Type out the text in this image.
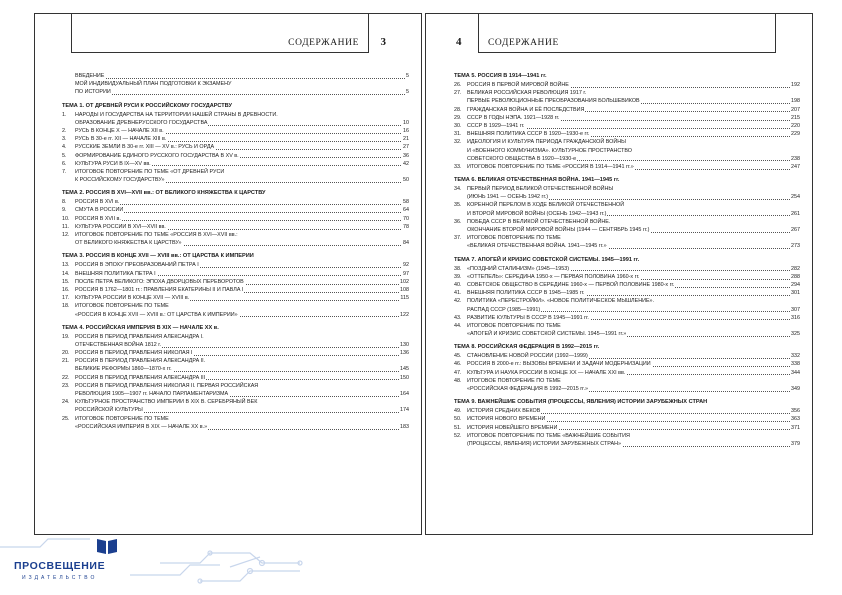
СОДЕРЖАНИЕ 3
ВВЕДЕНИЕ	5
МОЙ ИНДИВИДУАЛЬНЫЙ ПЛАН ПОДГОТОВКИ К ЭКЗАМЕНУ
ПО ИСТОРИИ	5
ТЕМА 1. ОТ ДРЕВНЕЙ РУСИ К РОССИЙСКОМУ ГОСУДАРСТВУ
1. НАРОДЫ И ГОСУДАРСТВА НА ТЕРРИТОРИИ НАШЕЙ СТРАНЫ В ДРЕВНОСТИ.
ОБРАЗОВАНИЕ ДРЕВНЕРУССКОГО ГОСУДАРСТВА	10
2. РУСЬ В КОНЦЕ X — НАЧАЛЕ XII в.	16
3. РУСЬ В 30-е гг. XII — НАЧАЛЕ XIII в.	21
4. РУССКИЕ ЗЕМЛИ В 30-е гг. XIII — XV в.: РУСЬ И ОРДА	27
5. ФОРМИРОВАНИЕ ЕДИНОГО РУССКОГО ГОСУДАРСТВА В XV в.	36
6. КУЛЬТУРА РУСИ В IX—XV вв.	42
7. ИТОГОВОЕ ПОВТОРЕНИЕ ПО ТЕМЕ «ОТ ДРЕВНЕЙ РУСИ
К РОССИЙСКОМУ ГОСУДАРСТВУ»	50
ТЕМА 2. РОССИЯ В XVI—XVII вв.: ОТ ВЕЛИКОГО КНЯЖЕСТВА К ЦАРСТВУ
8. РОССИЯ В XVI в.	58
9. СМУТА В РОССИИ	64
10. РОССИЯ В XVII в.	70
11. КУЛЬТУРА РОССИИ В XVI—XVII вв.	78
12. ИТОГОВОЕ ПОВТОРЕНИЕ ПО ТЕМЕ «РОССИЯ В XVI—XVII вв.:
ОТ ВЕЛИКОГО КНЯЖЕСТВА К ЦАРСТВУ»	84
ТЕМА 3. РОССИЯ В КОНЦЕ XVII — XVIII вв.: ОТ ЦАРСТВА К ИМПЕРИИ
13. РОССИЯ В ЭПОХУ ПРЕОБРАЗОВАНИЙ ПЕТРА I	92
14. ВНЕШНЯЯ ПОЛИТИКА ПЕТРА I	97
15. ПОСЛЕ ПЕТРА ВЕЛИКОГО: ЭПОХА ДВОРЦОВЫХ ПЕРЕВОРОТОВ	102
16. РОССИЯ В 1762—1801 гг.: ПРАВЛЕНИЯ ЕКАТЕРИНЫ II И ПАВЛА I	108
17. КУЛЬТУРА РОССИИ В КОНЦЕ XVII — XVIII в.	115
18. ИТОГОВОЕ ПОВТОРЕНИЕ ПО ТЕМЕ
«РОССИЯ В КОНЦЕ XVII — XVIII в.: ОТ ЦАРСТВА К ИМПЕРИИ»	122
ТЕМА 4. РОССИЙСКАЯ ИМПЕРИЯ В XIX — НАЧАЛЕ XX в.
19. РОССИЯ В ПЕРИОД ПРАВЛЕНИЯ АЛЕКСАНДРА I.
ОТЕЧЕСТВЕННАЯ ВОЙНА 1812 г.	130
20. РОССИЯ В ПЕРИОД ПРАВЛЕНИЯ НИКОЛАЯ I	136
21. РОССИЯ В ПЕРИОД ПРАВЛЕНИЯ АЛЕКСАНДРА II.
ВЕЛИКИЕ РЕФОРМЫ 1860—1870-х гг.	145
22. РОССИЯ В ПЕРИОД ПРАВЛЕНИЯ АЛЕКСАНДРА III	150
23. РОССИЯ В ПЕРИОД ПРАВЛЕНИЯ НИКОЛАЯ II. ПЕРВАЯ РОССИЙСКАЯ
РЕВОЛЮЦИЯ 1905—1907 гг. НАЧАЛО ПАРЛАМЕНТАРИЗМА	164
24. КУЛЬТУРНОЕ ПРОСТРАНСТВО ИМПЕРИИ В XIX В. СЕРЕБРЯНЫЙ ВЕК
РОССИЙСКОЙ КУЛЬТУРЫ	174
25. ИТОГОВОЕ ПОВТОРЕНИЕ ПО ТЕМЕ
«РОССИЙСКАЯ ИМПЕРИЯ В XIX — НАЧАЛЕ XX в.»	183
4	СОДЕРЖАНИЕ
ТЕМА 5. РОССИЯ В 1914—1941 гг.
26. РОССИЯ В ПЕРВОЙ МИРОВОЙ ВОЙНЕ	192
27. ВЕЛИКАЯ РОССИЙСКАЯ РЕВОЛЮЦИЯ 1917 г.
ПЕРВЫЕ РЕВОЛЮЦИОННЫЕ ПРЕОБРАЗОВАНИЯ БОЛЬШЕВИКОВ	198
28. ГРАЖДАНСКАЯ ВОЙНА И ЕЁ ПОСЛЕДСТВИЯ	207
29. СССР В ГОДЫ НЭПА. 1921—1928 гг.	215
30. СССР В 1929—1941 гг.	220
31. ВНЕШНЯЯ ПОЛИТИКА СССР В 1920—1930-е гг.	229
32. ИДЕОЛОГИЯ И КУЛЬТУРА ПЕРИОДА ГРАЖДАНСКОЙ ВОЙНЫ
И «ВОЕННОГО КОММУНИЗМА». КУЛЬТУРНОЕ ПРОСТРАНСТВО
СОВЕТСКОГО ОБЩЕСТВА В 1920—1930-е	238
33. ИТОГОВОЕ ПОВТОРЕНИЕ ПО ТЕМЕ «РОССИЯ В 1914—1941 гг.»	247
ТЕМА 6. ВЕЛИКАЯ ОТЕЧЕСТВЕННАЯ ВОЙНА. 1941—1945 гг.
34. ПЕРВЫЙ ПЕРИОД ВЕЛИКОЙ ОТЕЧЕСТВЕННОЙ ВОЙНЫ
(ИЮНЬ 1941 — ОСЕНЬ 1942 гг.)	254
35. КОРЕННОЙ ПЕРЕЛОМ В ХОДЕ ВЕЛИКОЙ ОТЕЧЕСТВЕННОЙ
И ВТОРОЙ МИРОВОЙ ВОЙНЫ (ОСЕНЬ 1942—1943 гг.)	261
36. ПОБЕДА СССР В ВЕЛИКОЙ ОТЕЧЕСТВЕННОЙ ВОЙНЕ.
ОКОНЧАНИЕ ВТОРОЙ МИРОВОЙ ВОЙНЫ (1944 — СЕНТЯБРЬ 1945 гг.)	267
37. ИТОГОВОЕ ПОВТОРЕНИЕ ПО ТЕМЕ
«ВЕЛИКАЯ ОТЕЧЕСТВЕННАЯ ВОЙНА. 1941—1945 гг.»	273
ТЕМА 7. АПОГЕЙ И КРИЗИС СОВЕТСКОЙ СИСТЕМЫ. 1945—1991 гг.
38. «ПОЗДНИЙ СТАЛИНИЗМ» (1945—1953)	282
39. «ОТТЕПЕЛЬ»: СЕРЕДИНА 1950-х — ПЕРВАЯ ПОЛОВИНА 1960-х гг.	288
40. СОВЕТСКОЕ ОБЩЕСТВО В СЕРЕДИНЕ 1960-х — ПЕРВОЙ ПОЛОВИНЕ 1980-х гг.	294
41. ВНЕШНЯЯ ПОЛИТИКА СССР В 1945—1985 гг.	301
42. ПОЛИТИКА «ПЕРЕСТРОЙКИ». «НОВОЕ ПОЛИТИЧЕСКОЕ МЫШЛЕНИЕ».
РАСПАД СССР (1985—1991)	307
43. РАЗВИТИЕ КУЛЬТУРЫ В СССР В 1945—1991 гг.	316
44. ИТОГОВОЕ ПОВТОРЕНИЕ ПО ТЕМЕ
«АПОГЕЙ И КРИЗИС СОВЕТСКОЙ СИСТЕМЫ. 1945—1991 гг.»	325
ТЕМА 8. РОССИЙСКАЯ ФЕДЕРАЦИЯ В 1992—2015 гг.
45. СТАНОВЛЕНИЕ НОВОЙ РОССИИ (1992—1999)	332
46. РОССИЯ В 2000-е гг.: ВЫЗОВЫ ВРЕМЕНИ И ЗАДАЧИ МОДЕРНИЗАЦИИ	338
47. КУЛЬТУРА И НАУКА РОССИИ В КОНЦЕ XX — НАЧАЛЕ XXI вв.	344
48. ИТОГОВОЕ ПОВТОРЕНИЕ ПО ТЕМЕ
«РОССИЙСКАЯ ФЕДЕРАЦИЯ В 1992—2015 гг.»	349
ТЕМА 9. ВАЖНЕЙШИЕ СОБЫТИЯ (ПРОЦЕССЫ, ЯВЛЕНИЯ) ИСТОРИИ ЗАРУБЕЖНЫХ СТРАН
49. ИСТОРИЯ СРЕДНИХ ВЕКОВ	356
50. ИСТОРИЯ НОВОГО ВРЕМЕНИ	363
51. ИСТОРИЯ НОВЕЙШЕГО ВРЕМЕНИ	371
52. ИТОГОВОЕ ПОВТОРЕНИЕ ПО ТЕМЕ «ВАЖНЕЙШИЕ СОБЫТИЯ
(ПРОЦЕССЫ, ЯВЛЕНИЯ) ИСТОРИИ ЗАРУБЕЖНЫХ СТРАН»	379
ПРОСВЕЩЕНИЕ
ИЗДАТЕЛЬСТВО
